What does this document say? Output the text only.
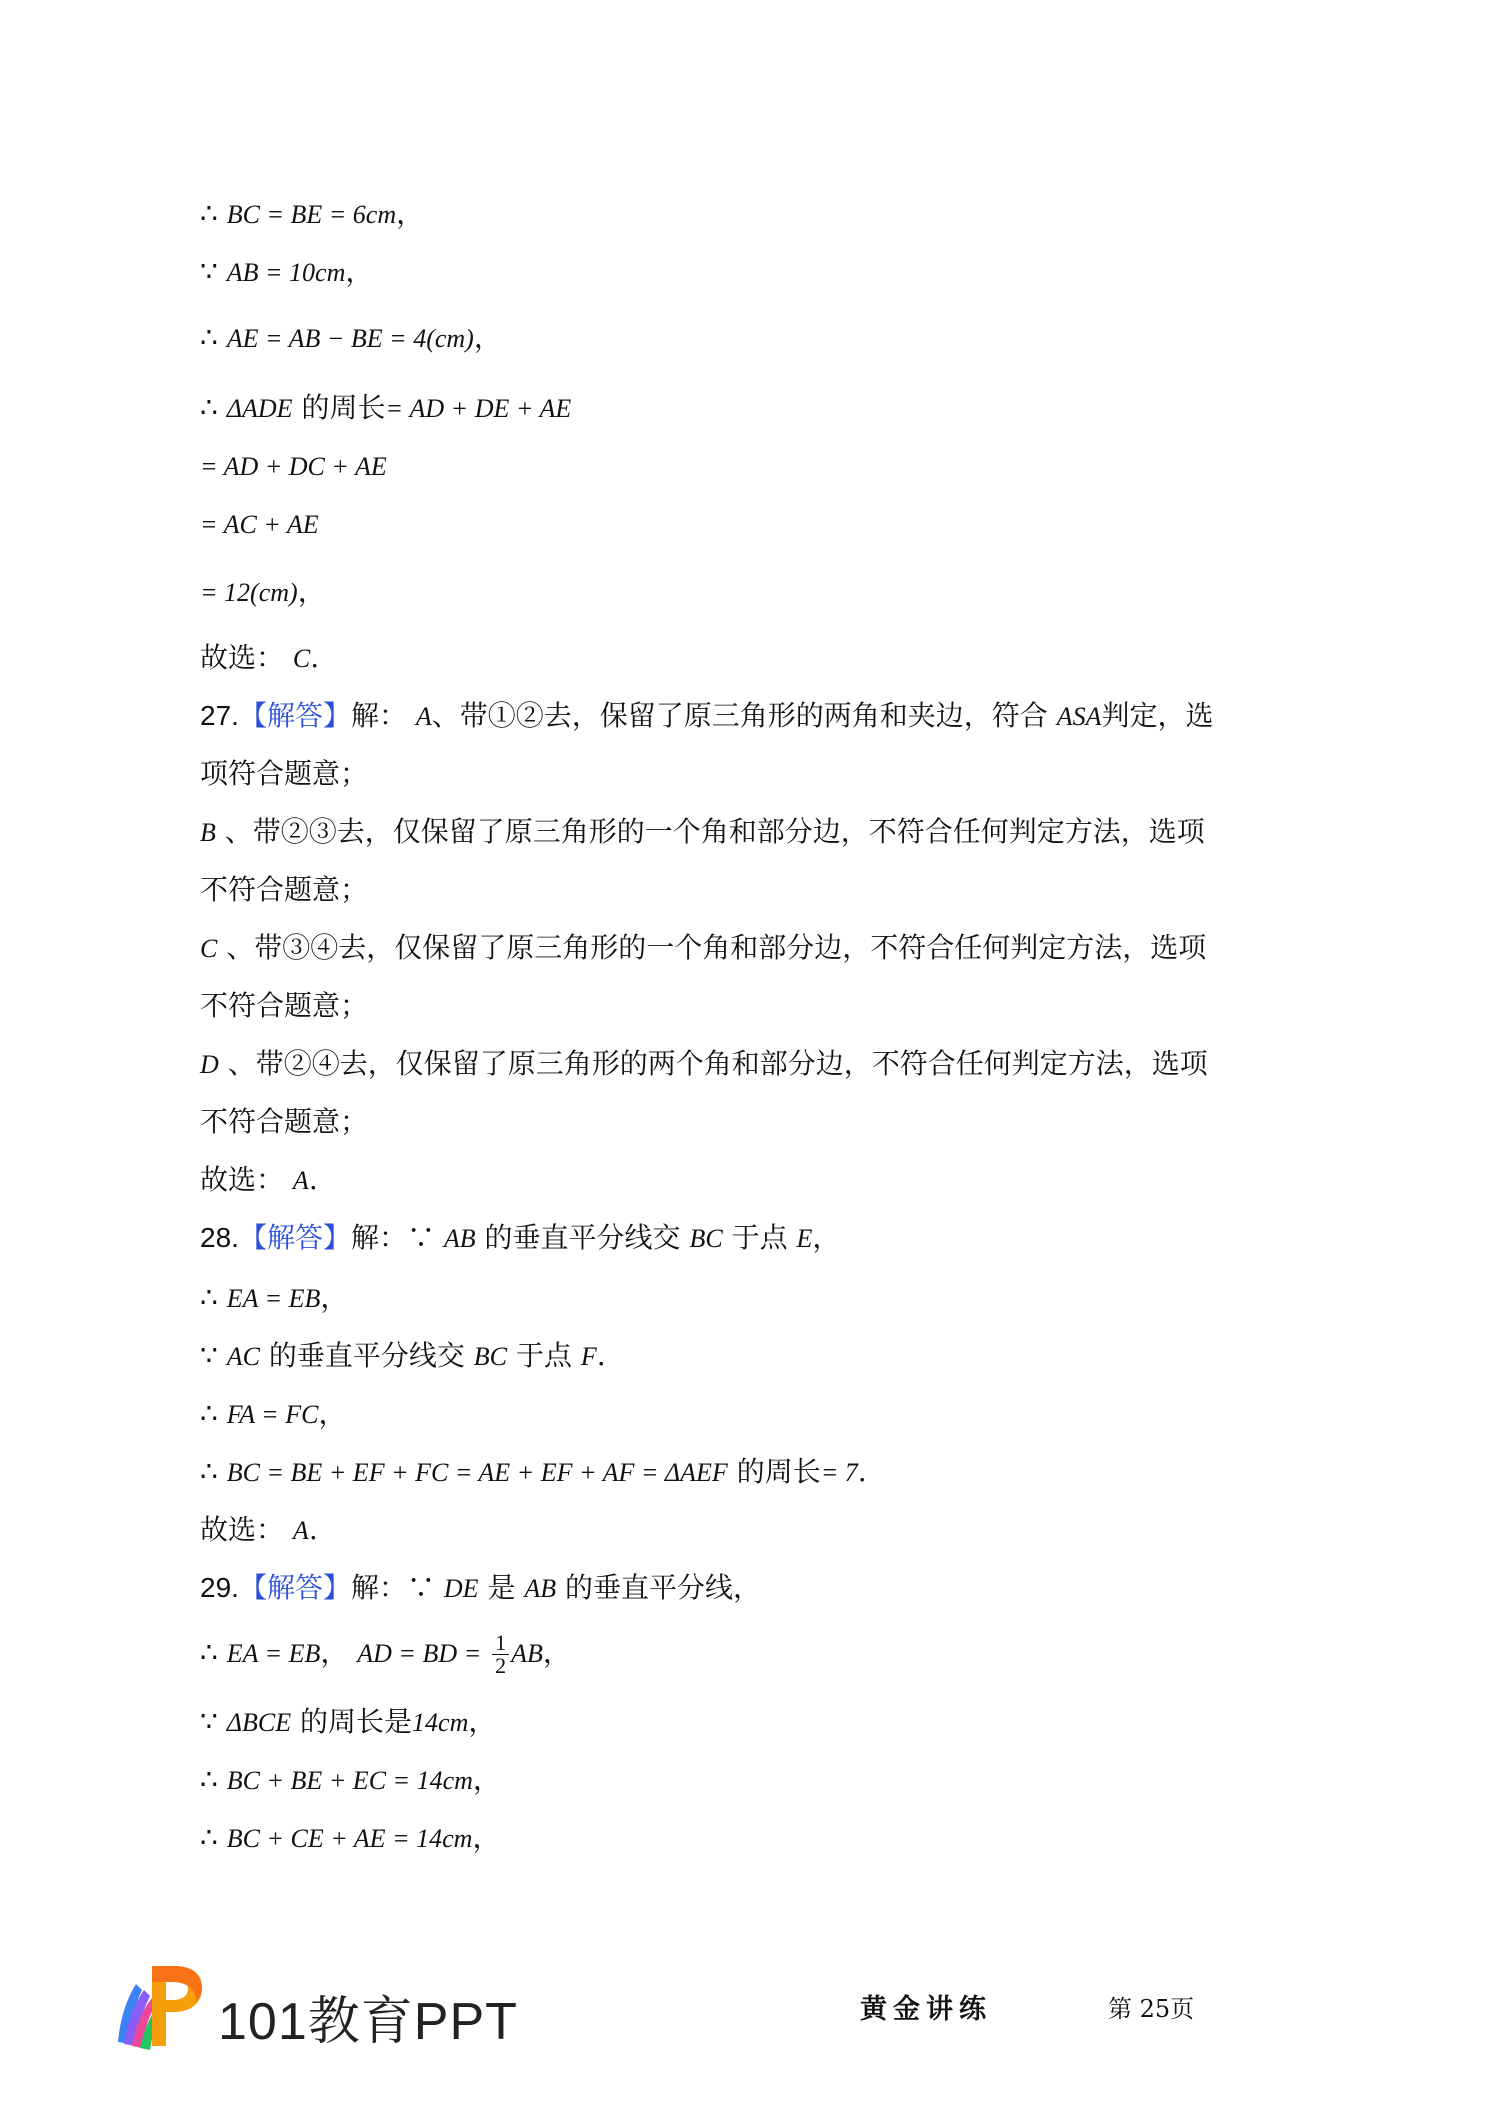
∴ BC = BE = 6cm，
∵ AB = 10cm，
∴ AE = AB − BE = 4(cm)，
∴ ΔADE 的周长= AD + DE + AE
= AD + DC + AE
= AC + AE
= 12(cm)，
故选： C.
27.【解答】解： A、带①②去，保留了原三角形的两角和夹边，符合 ASA判定，选
项符合题意；
B 、带②③去，仅保留了原三角形的一个角和部分边，不符合任何判定方法，选项
不符合题意；
C 、带③④去，仅保留了原三角形的一个角和部分边，不符合任何判定方法，选项
不符合题意；
D 、带②④去，仅保留了原三角形的两个角和部分边，不符合任何判定方法，选项
不符合题意；
故选： A.
28.【解答】解：∵ AB 的垂直平分线交 BC 于点 E，
∴ EA = EB，
∵ AC 的垂直平分线交 BC 于点 F.
∴ FA = FC，
∴ BC = BE + EF + FC = AE + EF + AF = ΔAEF 的周长= 7.
故选： A.
29.【解答】解：∵ DE 是 AB 的垂直平分线，
∴ EA = EB， AD = BD = $\frac{1}{2}$ AB，
∵ ΔBCE 的周长是14cm，
∴ BC + BE + EC = 14cm，
∴ BC + CE + AE = 14cm，
101教育PPT	黄金讲练	第 25页
